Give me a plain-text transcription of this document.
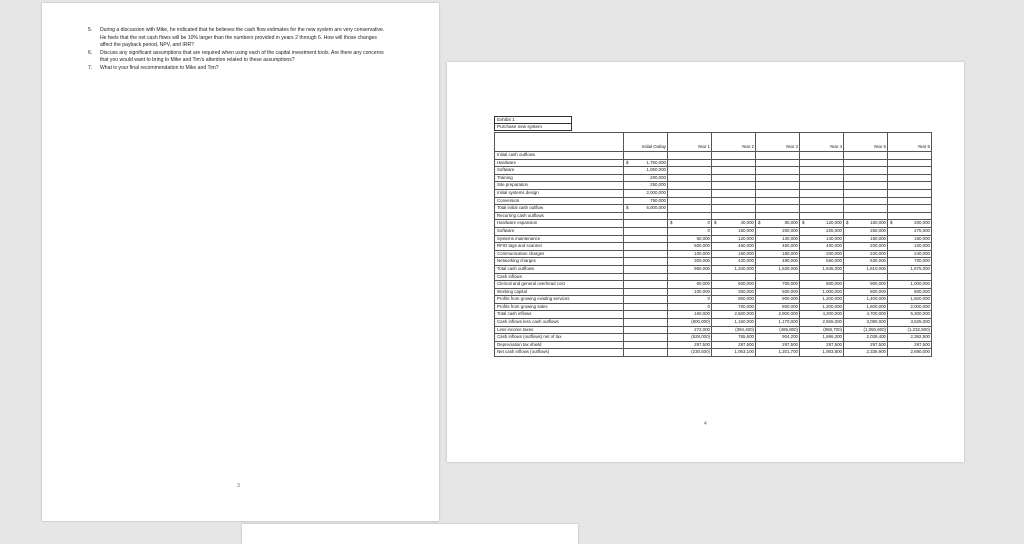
5. During a discussion with Mike, he indicated that he believes the cash flow estimates for the new system are very conservative. He feels that the net cash flows will be 10% larger than the numbers provided in years 2 through 6. How will those changes affect the payback period, NPV, and IRR?
6. Discuss any significant assumptions that are required when using each of the capital investment tools. Are there any concerns that you would want to bring to Mike and Tim's attention related to these assumptions?
7. What is your final recommendation to Mike and Tim?
3
Exhibit 1
Purchase new system
	Initial Outlay	Year 1	Year 2	Year 3	Year 4	Year 5	Year 6
Initial cash outflows							
Hardware	$ 1,750,000						

Software	1,050,000						
Training	200,000						
Site preparation	250,000						
Initial systems design	2,000,000						
Conversion	750,000						
Total initial cash outflow	$ 6,000,000						

Recurring cash outflows							
Hardware expansion		$ 0	$ 40,000	$ 80,000	$ 120,000	$ 160,000	$ 200,000

Software		0	150,000	200,000	225,000	250,000	275,000
Systems maintenance		60,000	120,000	130,000	140,000	150,000	160,000
RFID tags and scanner		500,000	450,000	450,000	400,000	200,000	100,000
Communication charges		100,000	160,000	180,000	200,000	220,000	240,000
Networking charges		300,000	420,000	490,000	560,000	630,000	700,000
Total cash outflows		960,000	1,340,000	1,530,000	1,645,000	1,610,000	1,675,000
Cash inflows							
Clerical and general overhead cost		60,000	600,000	700,000	800,000	900,000	1,000,000
Working capital		100,000	300,000	500,000	1,000,000	800,000	800,000
Profits from growing existing services		0	900,000	900,000	1,200,000	1,400,000	1,500,000
Profits from growing sales		0	700,000	800,000	1,200,000	1,600,000	2,000,000
Total cash inflows		160,000	2,500,000	2,900,000	4,200,000	4,700,000	5,300,000
Cash inflows less cash outflows		(800,000)	1,160,000	1,170,000	2,555,000	3,090,000	3,625,000
Less income taxes		272,000	(394,400)	(465,800)	(868,700)	(1,050,600)	(1,232,500)
Cash inflows (outflows) net of tax		(528,000)	765,600	904,200	1,686,300	2,039,400	2,392,500
Depreciation tax shield		297,500	297,500	297,500	297,500	297,500	297,500
Net cash inflows (outflows)		(230,500)	1,063,100	1,201,700	1,983,800	2,336,900	2,690,000
4
